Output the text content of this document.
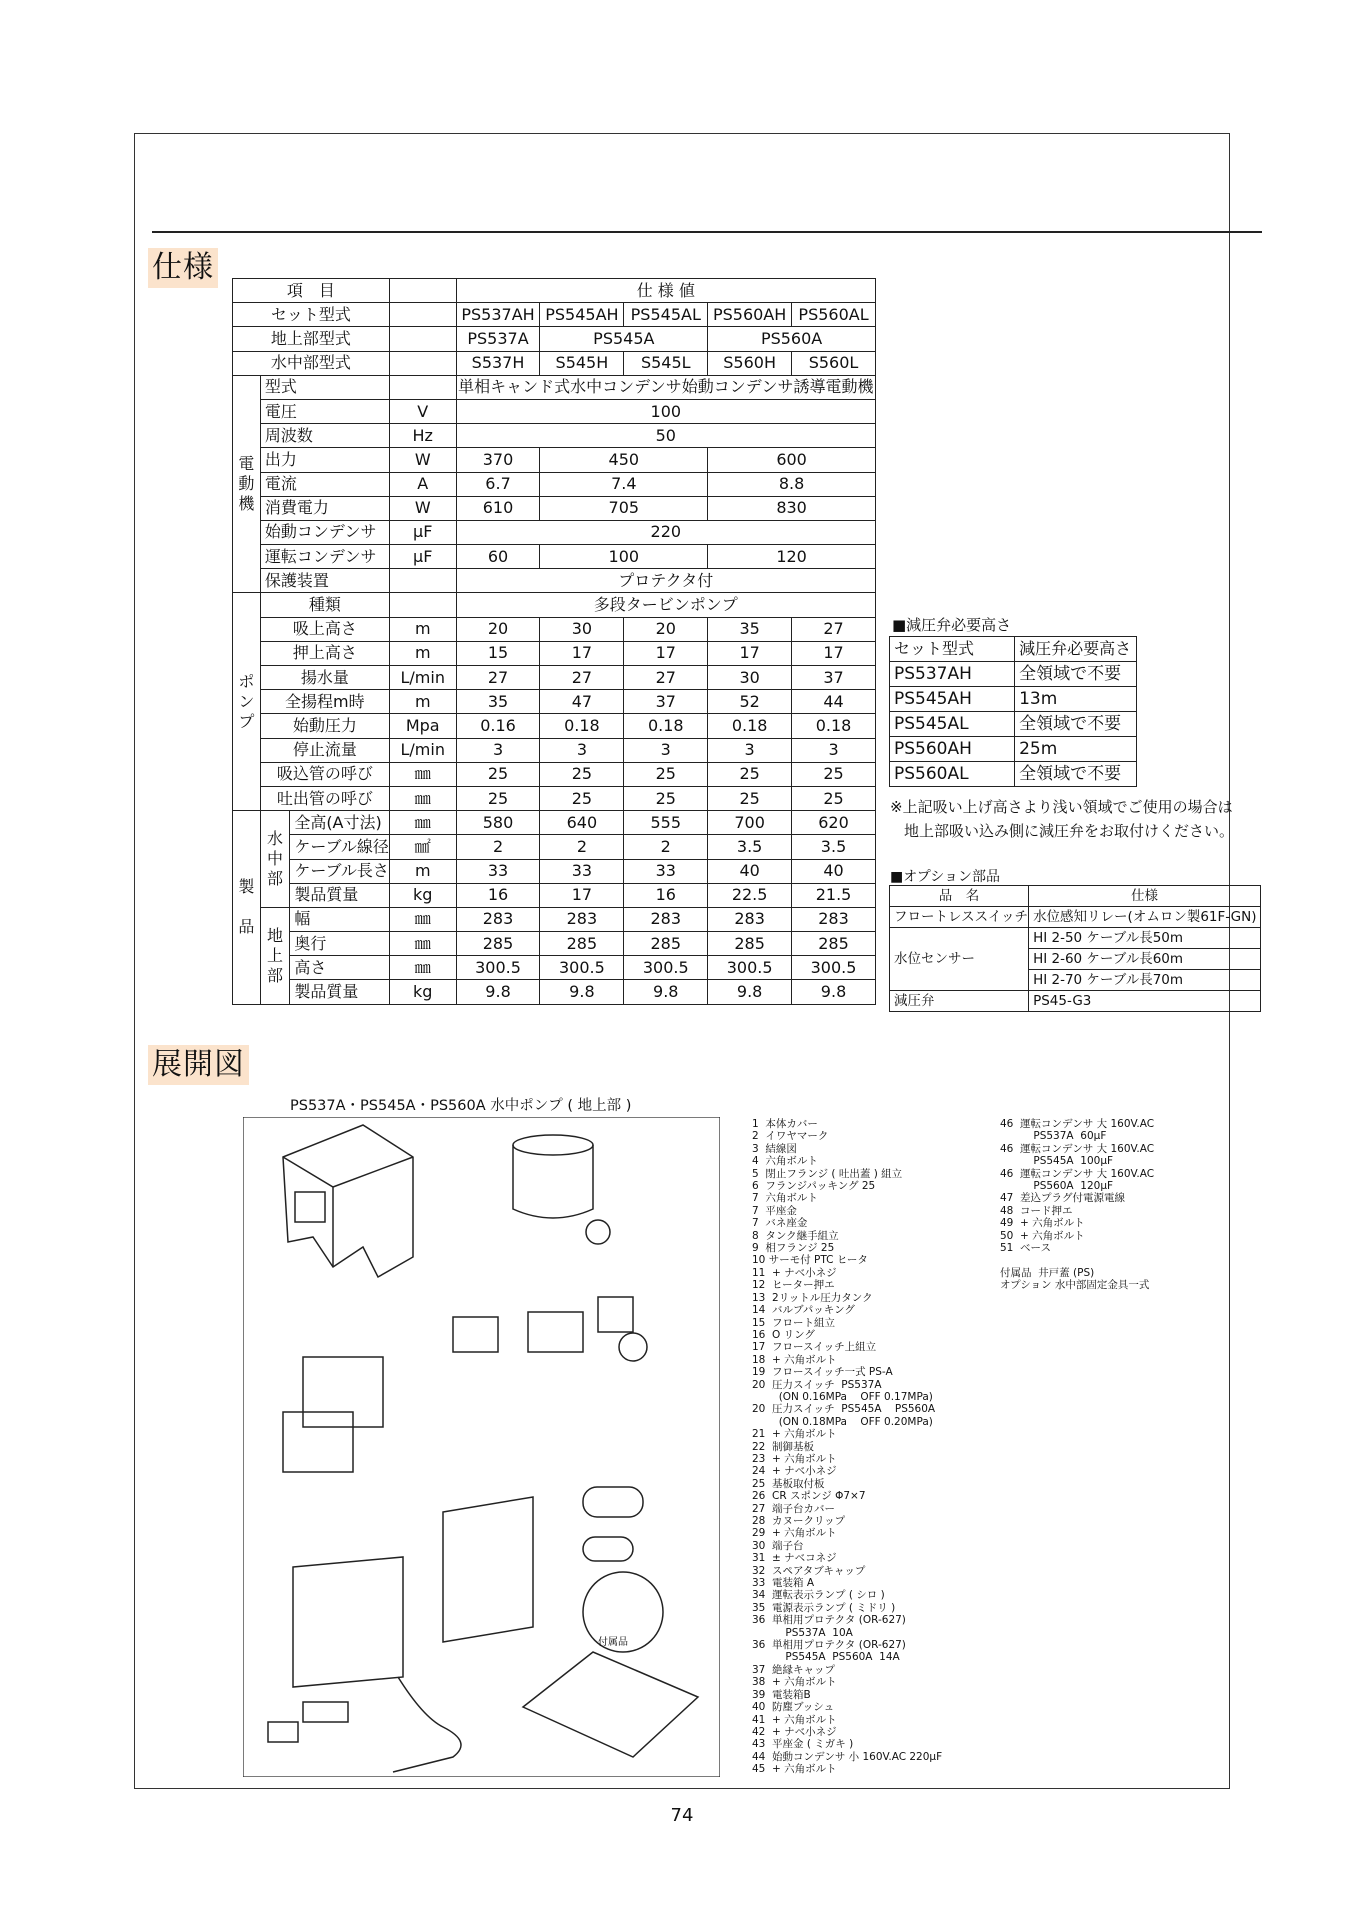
仕様
項　目				仕 様 値				
セット型式				PS537AH	PS545AH	PS545AL	PS560AH	PS560AL
地上部型式				PS537A	PS545A		PS560A	
水中部型式				S537H	S545H	S545L	S560H	S560L
電
動
機	型式			単相キャンド式水中コンデンサ始動コンデンサ誘導電動機				
	電圧		V	100				
	周波数		Hz	50				
	出力		W	370	450		600	
	電流		A	6.7	7.4		8.8	
	消費電力		W	610	705		830	
	始動コンデンサ		μF	220				
	運転コンデンサ		μF	60	100		120	
	保護装置			プロテクタ付				
ポ
ン
プ	種類			多段タービンポンプ				
	吸上高さ		m	20	30	20	35	27
	押上高さ		m	15	17	17	17	17
	揚水量		L/min	27	27	27	30	37
	全揚程m時		m	35	47	37	52	44
	始動圧力		Mpa	0.16	0.18	0.18	0.18	0.18
	停止流量		L/min	3	3	3	3	3
	吸込管の呼び		㎜	25	25	25	25	25
	吐出管の呼び		㎜	25	25	25	25	25
製
品	水
中
部	全高(A寸法)	㎜	580	640	555	700	620
		ケーブル線径	㎟	2	2	2	3.5	3.5
		ケーブル長さ	m	33	33	33	40	40
		製品質量	kg	16	17	16	22.5	21.5
	地
上
部	幅	㎜	283	283	283	283	283
		奥行	㎜	285	285	285	285	285
		高さ	㎜	300.5	300.5	300.5	300.5	300.5
		製品質量	kg	9.8	9.8	9.8	9.8	9.8
■減圧弁必要高さ
セット型式	減圧弁必要高さ
PS537AH	全領域で不要
PS545AH	13m
PS545AL	全領域で不要
PS560AH	25m
PS560AL	全領域で不要
※上記吸い上げ高さより浅い領域でご使用の場合は
地上部吸い込み側に減圧弁をお取付けください。
■オプション部品
品　名	仕様
フロートレススイッチ	水位感知リレー(オムロン製61F-GN)
水位センサー	HI 2-50 ケーブル長50m
	HI 2-60 ケーブル長60m
	HI 2-70 ケーブル長70m
減圧弁	PS45-G3
展開図
PS537A・PS545A・PS560A 水中ポンプ ( 地上部 )
付属品
1  本体カバー
2  イワヤマーク
3  結線図
4  六角ボルト
5  閉止フランジ ( 吐出蓋 ) 組立
6  フランジパッキング 25
7  六角ボルト
7  平座金
7  バネ座金
8  タンク継手組立
9  相フランジ 25
10 サーモ付 PTC ヒータ
11  + ナベ小ネジ
12  ヒーター押エ
13  2リットル圧力タンク
14  バルブパッキング
15  フロート組立
16  O リング
17  フロースイッチ上組立
18  + 六角ボルト
19  フロースイッチ一式 PS-A
20  圧力スイッチ  PS537A
(ON 0.16MPa    OFF 0.17MPa)
20  圧力スイッチ  PS545A    PS560A
(ON 0.18MPa    OFF 0.20MPa)
21  + 六角ボルト
22  制御基板
23  + 六角ボルト
24  + ナベ小ネジ
25  基板取付板
26  CR スポンジ Φ7×7
27  端子台カバー
28  カヌークリップ
29  + 六角ボルト
30  端子台
31  ± ナベコネジ
32  スペアタブキャップ
33  電装箱 A
34  運転表示ランプ ( シロ )
35  電源表示ランプ ( ミドリ )
36  単相用プロテクタ (OR-627)
PS537A  10A
36  単相用プロテクタ (OR-627)
PS545A  PS560A  14A
37  絶縁キャップ
38  + 六角ボルト
39  電装箱B
40  防塵ブッシュ
41  + 六角ボルト
42  + ナベ小ネジ
43  平座金 ( ミガキ )
44  始動コンデンサ 小 160V.AC 220μF
45  + 六角ボルト
46  運転コンデンサ 大 160V.AC
PS537A  60μF
46  運転コンデンサ 大 160V.AC
PS545A  100μF
46  運転コンデンサ 大 160V.AC
PS560A  120μF
47  差込プラグ付電源電線
48  コード押エ
49  + 六角ボルト
50  + 六角ボルト
51  ベース

付属品  井戸蓋 (PS)
オプション 水中部固定金具一式
74
